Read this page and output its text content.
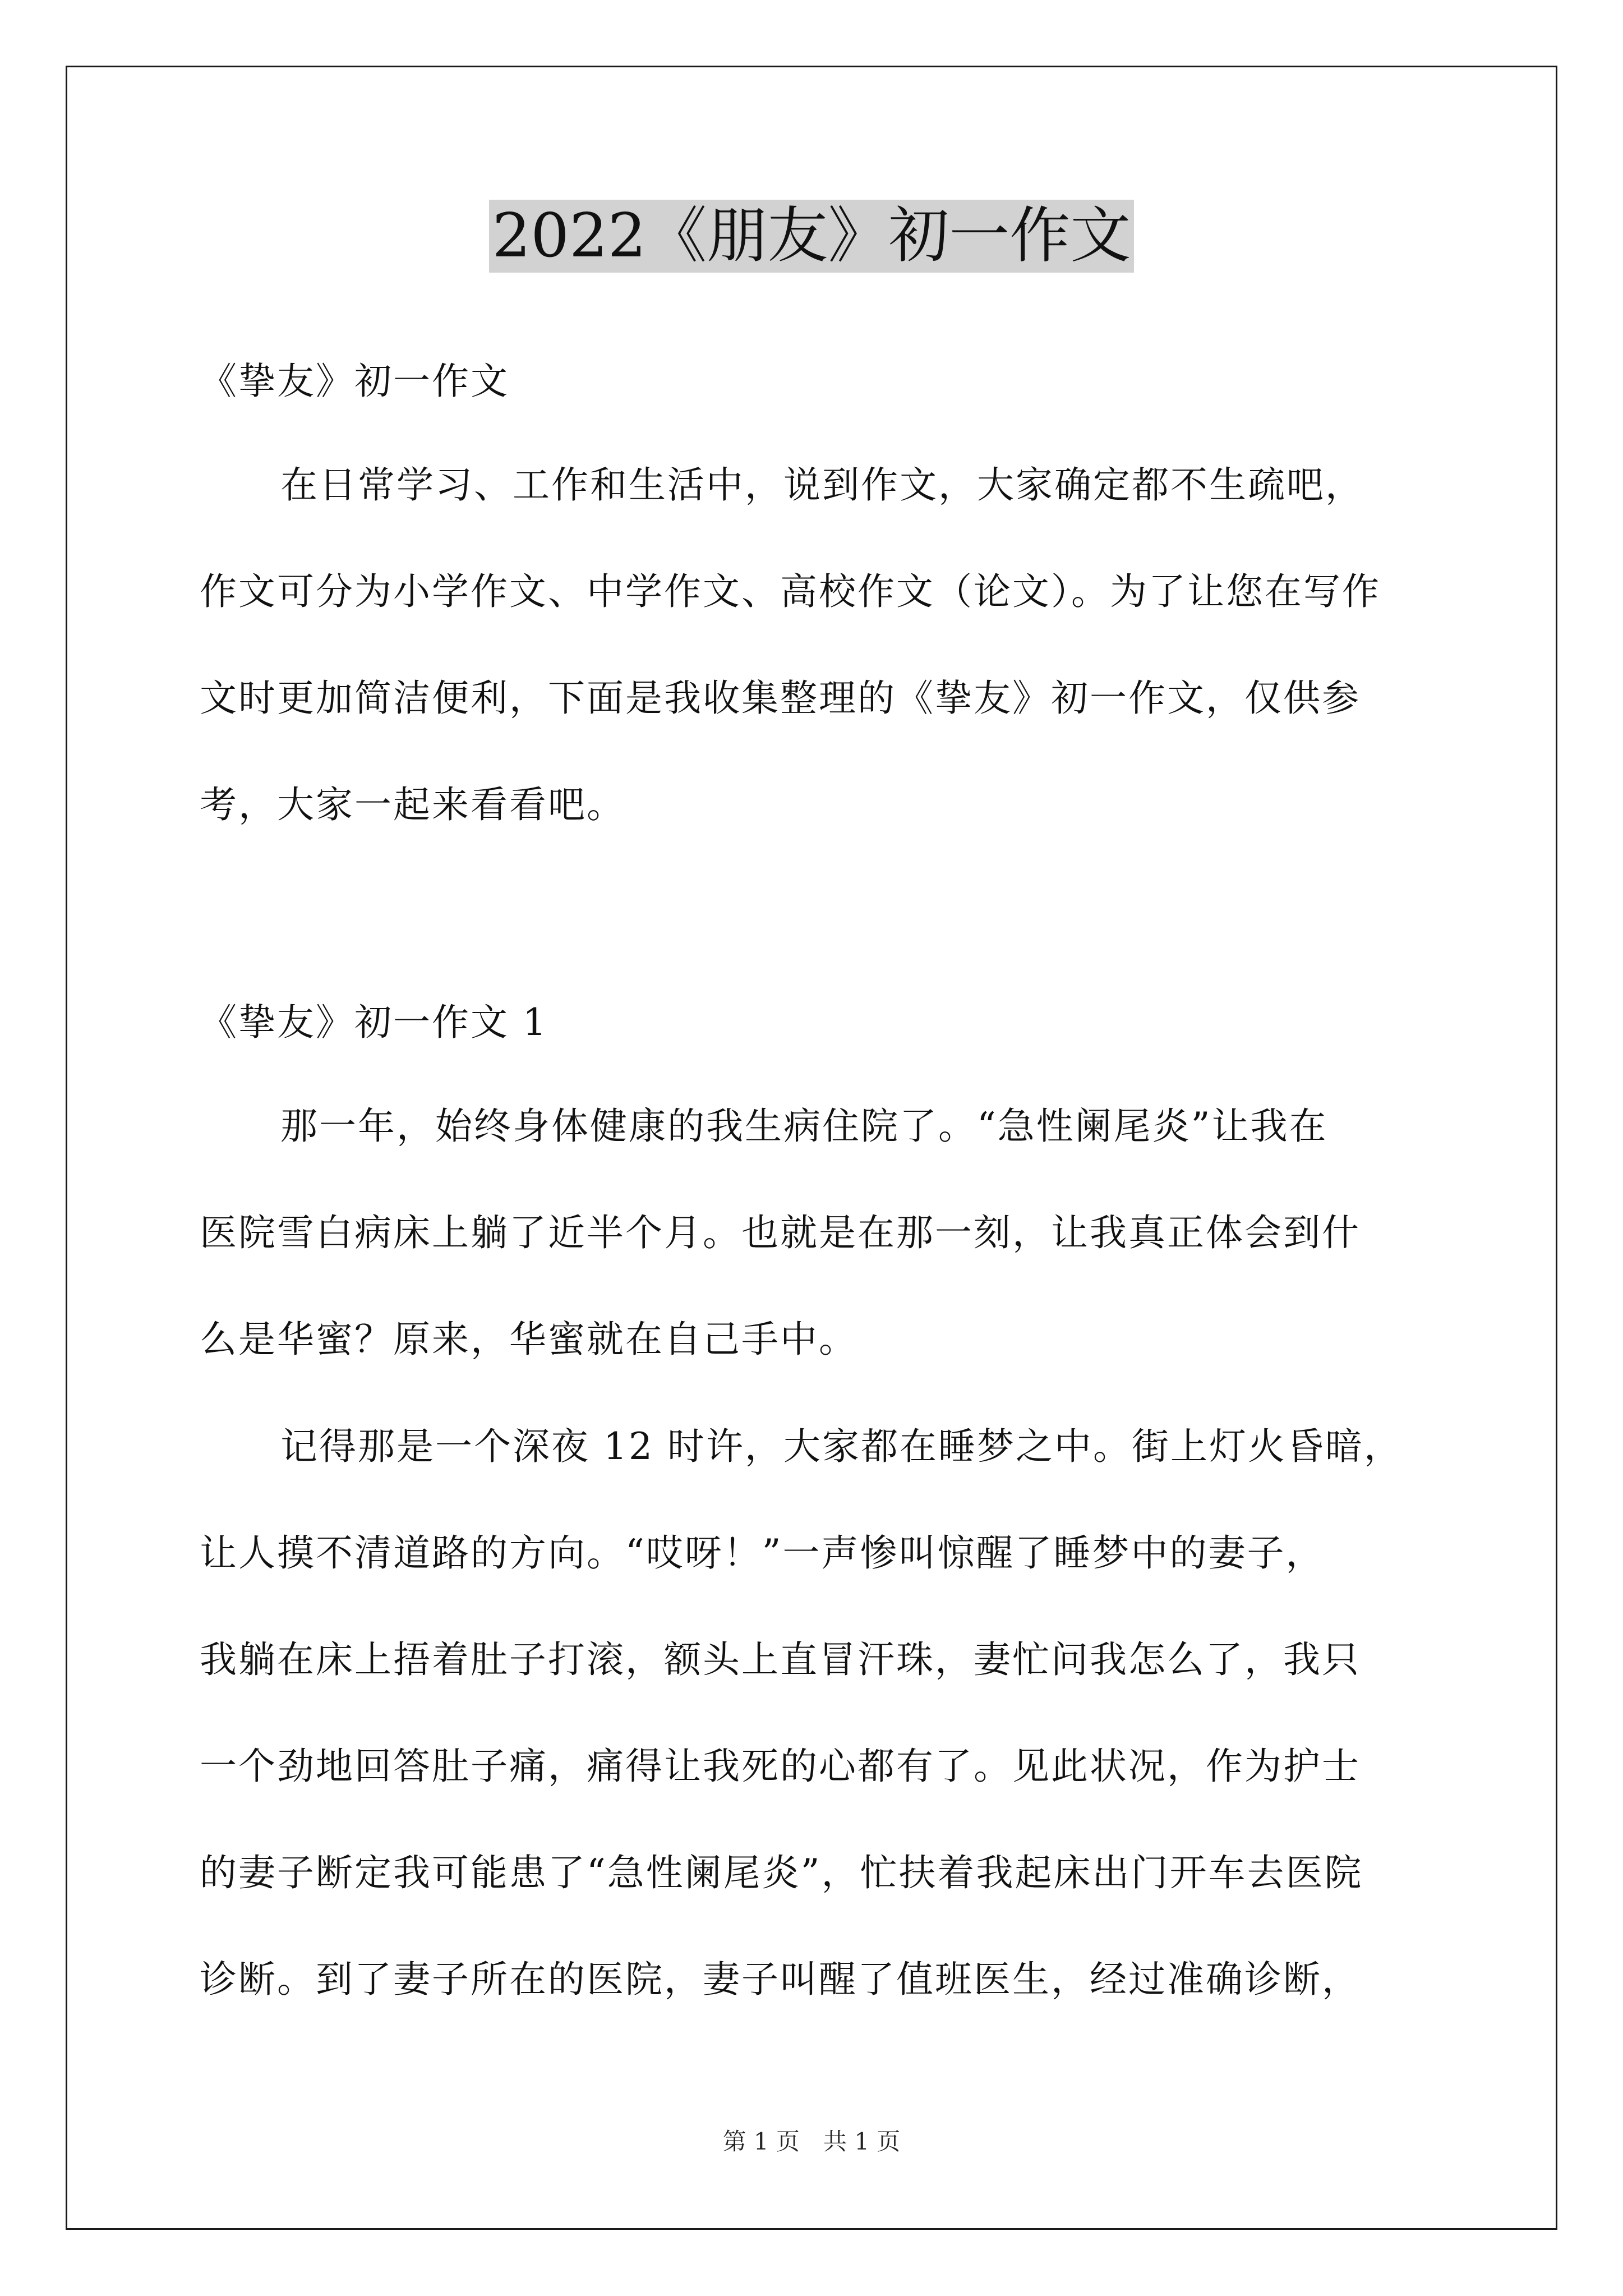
2022《朋友》初一作文

《挚友》初一作文

在日常学习、工作和生活中，说到作文，大家确定都不生疏吧，
作文可分为小学作文、中学作文、高校作文（论文）。为了让您在写作
文时更加简洁便利，下面是我收集整理的《挚友》初一作文，仅供参
考，大家一起来看看吧。

《挚友》初一作文 1

那一年，始终身体健康的我生病住院了。“急性阑尾炎”让我在
医院雪白病床上躺了近半个月。也就是在那一刻，让我真正体会到什
么是华蜜？原来，华蜜就在自己手中。
记得那是一个深夜 12 时许，大家都在睡梦之中。街上灯火昏暗，
让人摸不清道路的方向。“哎呀！”一声惨叫惊醒了睡梦中的妻子，
我躺在床上捂着肚子打滚，额头上直冒汗珠，妻忙问我怎么了，我只
一个劲地回答肚子痛，痛得让我死的心都有了。见此状况，作为护士
的妻子断定我可能患了“急性阑尾炎”，忙扶着我起床出门开车去医院
诊断。到了妻子所在的医院，妻子叫醒了值班医生，经过准确诊断，
第 1 页　共 1 页
